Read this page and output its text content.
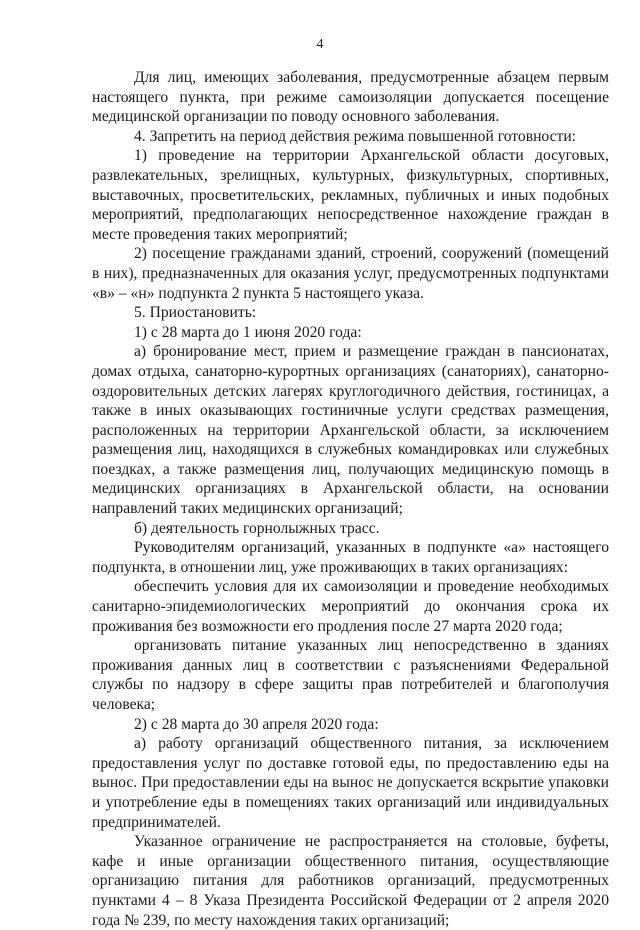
4

Для лиц, имеющих заболевания, предусмотренные абзацем первым настоящего пункта, при режиме самоизоляции допускается посещение медицинской организации по поводу основного заболевания.

4. Запретить на период действия режима повышенной готовности:

1) проведение на территории Архангельской области досуговых, развлекательных, зрелищных, культурных, физкультурных, спортивных, выставочных, просветительских, рекламных, публичных и иных подобных мероприятий, предполагающих непосредственное нахождение граждан в месте проведения таких мероприятий;

2) посещение гражданами зданий, строений, сооружений (помещений в них), предназначенных для оказания услуг, предусмотренных подпунктами «в» – «н» подпункта 2 пункта 5 настоящего указа.

5. Приостановить:

1) с 28 марта до 1 июня 2020 года:

а) бронирование мест, прием и размещение граждан в пансионатах, домах отдыха, санаторно-курортных организациях (санаториях), санаторно-оздоровительных детских лагерях круглогодичного действия, гостиницах, а также в иных оказывающих гостиничные услуги средствах размещения, расположенных на территории Архангельской области, за исключением размещения лиц, находящихся в служебных командировках или служебных поездках, а также размещения лиц, получающих медицинскую помощь в медицинских организациях в Архангельской области, на основании направлений таких медицинских организаций;

б) деятельность горнолыжных трасс.

Руководителям организаций, указанных в подпункте «а» настоящего подпункта, в отношении лиц, уже проживающих в таких организациях:

обеспечить условия для их самоизоляции и проведение необходимых санитарно-эпидемиологических мероприятий до окончания срока их проживания без возможности его продления после 27 марта 2020 года;

организовать питание указанных лиц непосредственно в зданиях проживания данных лиц в соответствии с разъяснениями Федеральной службы по надзору в сфере защиты прав потребителей и благополучия человека;

2) с 28 марта до 30 апреля 2020 года:

а) работу организаций общественного питания, за исключением предоставления услуг по доставке готовой еды, по предоставлению еды на вынос. При предоставлении еды на вынос не допускается вскрытие упаковки и употребление еды в помещениях таких организаций или индивидуальных предпринимателей.

Указанное ограничение не распространяется на столовые, буфеты, кафе и иные организации общественного питания, осуществляющие организацию питания для работников организаций, предусмотренных пунктами 4 – 8 Указа Президента Российской Федерации от 2 апреля 2020 года № 239, по месту нахождения таких организаций;
